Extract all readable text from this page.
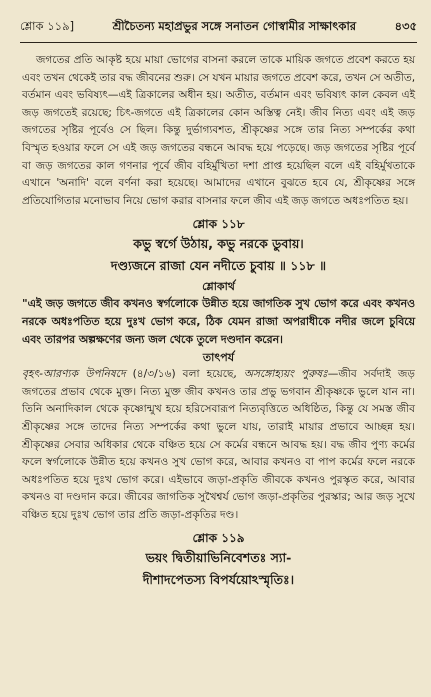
শ্লোক ১১৯]	শ্রীচৈতন্য মহাপ্রভুর সঙ্গে সনাতন গোস্বামীর সাক্ষাৎকার	৪৩৫

জগতের প্রতি আকৃষ্ট হয়ে মায়া ভোগের বাসনা করলে তাকে মায়িক জগতে প্রবেশ করতে হয় এবং তখন থেকেই তার বদ্ধ জীবনের শুরু। সে যখন মায়ার জগতে প্রবেশ করে, তখন সে অতীত, বর্তমান এবং ভবিষ্যৎ—এই ত্রিকালের অধীন হয়। অতীত, বর্তমান এবং ভবিষ্যৎ কাল কেবল এই জড় জগতেই রয়েছে; চিৎ-জগতে এই ত্রিকালের কোন অস্তিত্ব নেই। জীব নিত্য এবং এই জড় জগতের সৃষ্টির পূর্বেও সে ছিল। কিন্তু দুর্ভাগ্যবশত, শ্রীকৃষ্ণের সঙ্গে তার নিত্য সম্পর্কের কথা বিস্মৃত হওয়ার ফলে সে এই জড় জগতের বন্ধনে আবদ্ধ হয়ে পড়েছে। জড় জগতের সৃষ্টির পূর্বে বা জড় জগতের কাল গণনার পূর্বে জীব বহির্মুখিতা দশা প্রাপ্ত হয়েছিল বলে এই বহির্মুখতাকে এখানে 'অনাদি' বলে বর্ণনা করা হয়েছে। আমাদের এখানে বুঝতে হবে যে, শ্রীকৃষ্ণের সঙ্গে প্রতিযোগিতার মনোভাব নিয়ে ভোগ করার বাসনার ফলে জীব এই জড় জগতে অধঃপতিত হয়।

শ্লোক ১১৮
কভু স্বর্গে উঠায়, কভু নরকে ডুবায়।
দণ্ড্যজনে রাজা যেন নদীতে চুবায় ॥ ১১৮ ॥
শ্লোকার্থ

"এই জড় জগতে জীব কখনও স্বর্গলোকে উন্নীত হয়ে জাগতিক সুখ ভোগ করে এবং কখনও নরকে অধঃপতিত হয়ে দুঃখ ভোগ করে, ঠিক যেমন রাজা অপরাধীকে নদীর জলে চুবিয়ে এবং তারপর অল্পক্ষণের জন্য জল থেকে তুলে দণ্ডদান করেন।

তাৎপর্য

বৃহৎ-আরণ্যক উপনিষদে (৪/৩/১৬) বলা হয়েছে, অসঙ্গোহ্যয়ং পুরুষঃ—জীব সর্বদাই জড় জগতের প্রভাব থেকে মুক্ত। নিত্য মুক্ত জীব কখনও তার প্রভু ভগবান শ্রীকৃষ্ণকে ভুলে যান না। তিনি অনাদিকাল থেকে কৃষ্ণোন্মুখ হয়ে হরিসেবারূপ নিত্যবৃত্তিতে অধিষ্ঠিত, কিন্তু যে সমস্ত জীব শ্রীকৃষ্ণের সঙ্গে তাদের নিত্য সম্পর্কের কথা ভুলে যায়, তারাই মায়ার প্রভাবে আচ্ছন্ন হয়। শ্রীকৃষ্ণের সেবার অধিকার থেকে বঞ্চিত হয়ে সে কর্মের বন্ধনে আবদ্ধ হয়। বদ্ধ জীব পুণ্য কর্মের ফলে স্বর্গলোকে উন্নীত হয়ে কখনও সুখ ভোগ করে, আবার কখনও বা পাপ কর্মের ফলে নরকে অধঃপতিত হয়ে দুঃখ ভোগ করে। এইভাবে জড়া-প্রকৃতি জীবকে কখনও পুরস্কৃত করে, আবার কখনও বা দণ্ডদান করে। জীবের জাগতিক সুখৈশ্বর্য ভোগ জড়া-প্রকৃতির পুরস্কার; আর জড় সুখে বঞ্চিত হয়ে দুঃখ ভোগ তার প্রতি জড়া-প্রকৃতির দণ্ড।

শ্লোক ১১৯
ভয়ং দ্বিতীয়াভিনিবেশতঃ স্যা-
দীশাদপেতস্য বিপর্যয়োঽস্মৃতিঃ।
